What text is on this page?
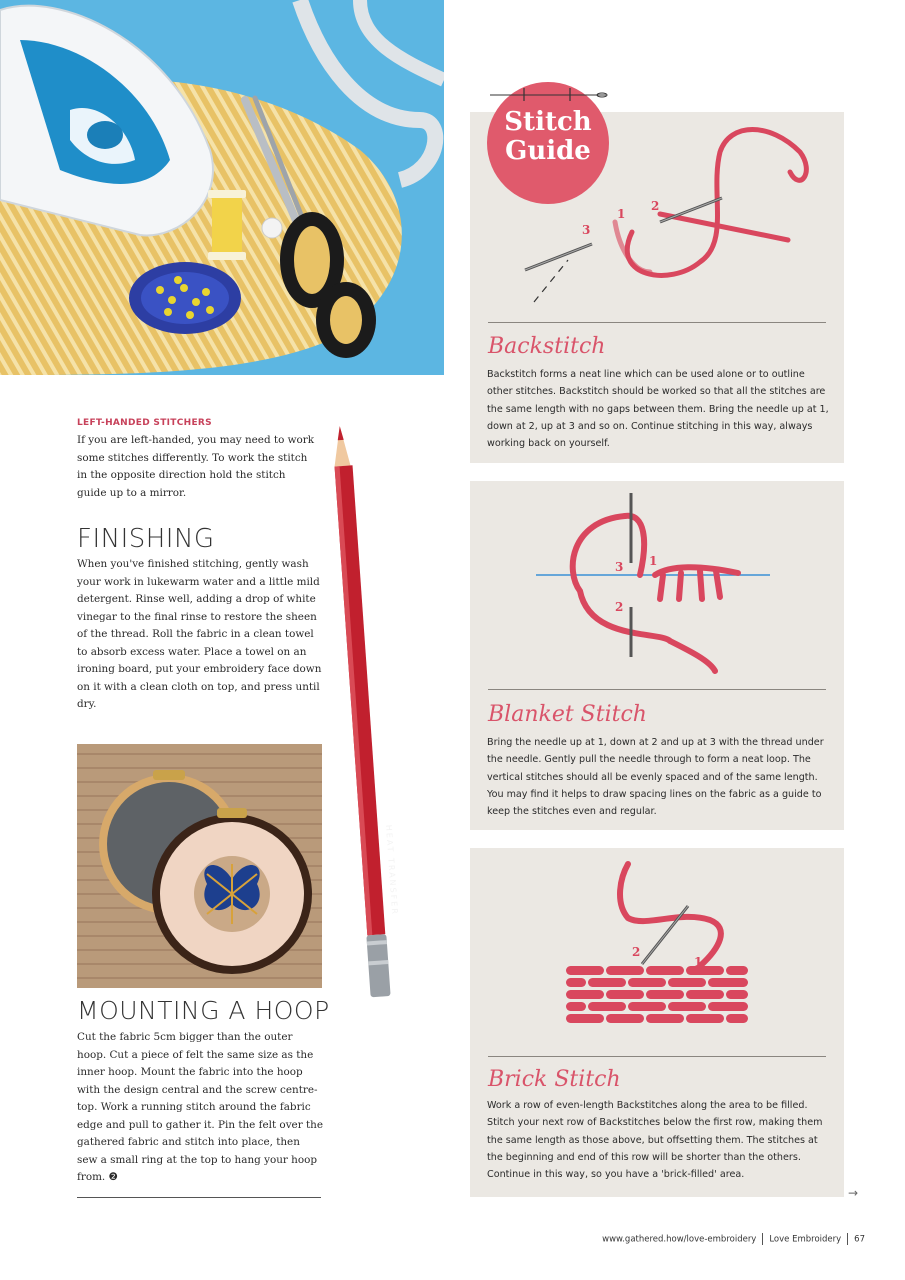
LEFT-HANDED STITCHERS
If you are left-handed, you may need to work some stitches differently. To work the stitch in the opposite direction hold the stitch guide up to a mirror.
FINISHING
When you've finished stitching, gently wash your work in lukewarm water and a little mild detergent. Rinse well, adding a drop of white vinegar to the final rinse to restore the sheen of the thread. Roll the fabric in a clean towel to absorb excess water. Place a towel on an ironing board, put your embroidery face down on it with a clean cloth on top, and press until dry.
MOUNTING A HOOP
Cut the fabric 5cm bigger than the outer hoop. Cut a piece of felt the same size as the inner hoop. Mount the fabric into the hoop with the design central and the screw centre-top. Work a running stitch around the fabric edge and pull to gather it. Pin the felt over the gathered fabric and stitch into place, then sew a small ring at the top to hang your hoop from. ❷
HEAT TRANSFER
Stitch
Guide
1
2
3
Backstitch
Backstitch forms a neat line which can be used alone or to outline other stitches. Backstitch should be worked so that all the stitches are the same length with no gaps between them. Bring the needle up at 1, down at 2, up at 3 and so on. Continue stitching in this way, always working back on yourself.
3 1
2
Blanket Stitch
Bring the needle up at 1, down at 2 and up at 3 with the thread under the needle. Gently pull the needle through to form a neat loop. The vertical stitches should all be evenly spaced and of the same length. You may find it helps to draw spacing lines on the fabric as a guide to keep the stitches even and regular.
2
1
Brick Stitch
Work a row of even-length Backstitches along the area to be filled. Stitch your next row of Backstitches below the first row, making them the same length as those above, but offsetting them. The stitches at the beginning and end of this row will be shorter than the others. Continue in this way, so you have a 'brick-filled' area.
→
www.gathered.how/love-embroidery Love Embroidery 67
